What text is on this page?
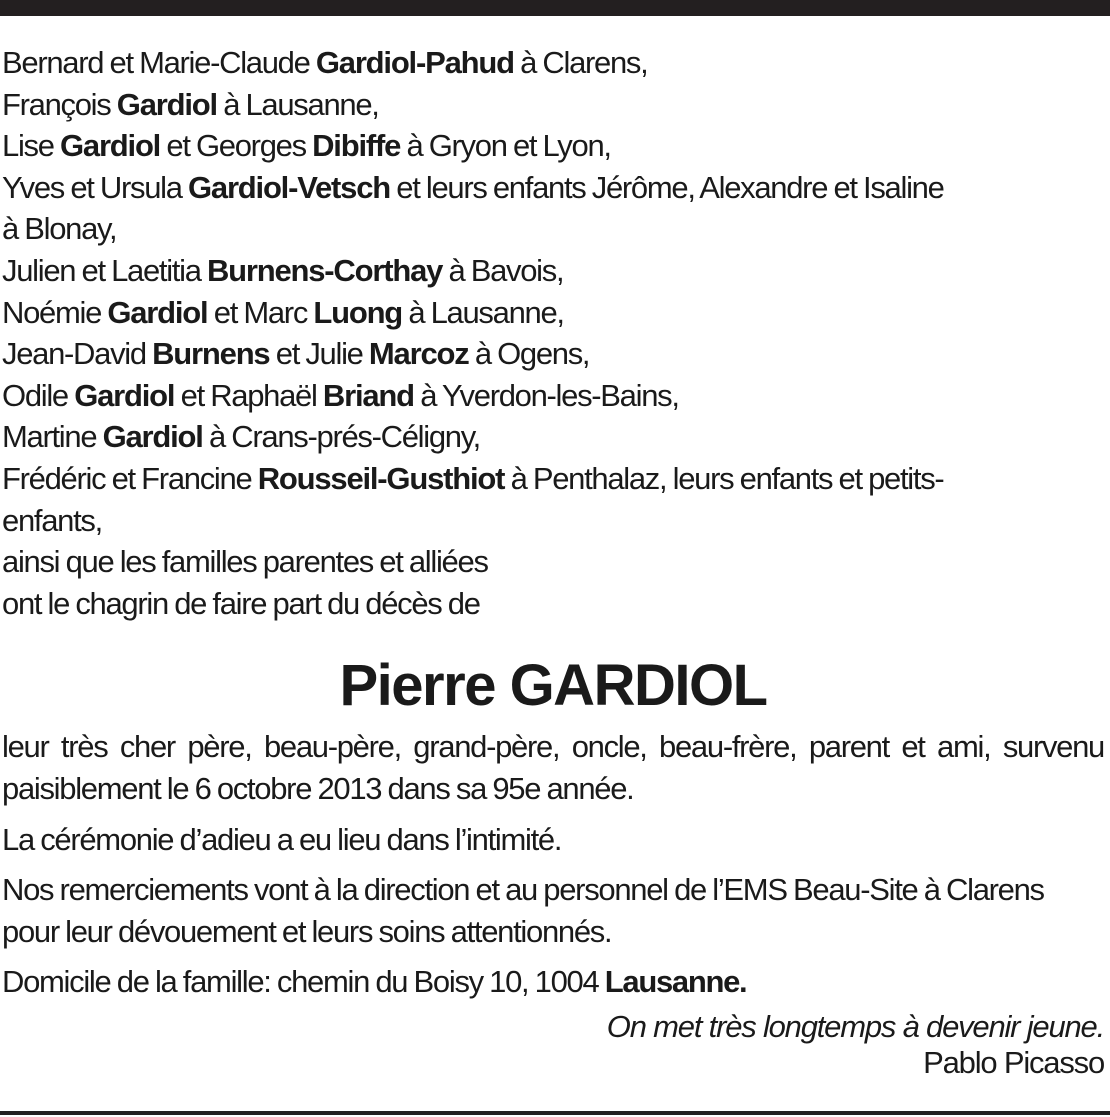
Bernard et Marie-Claude Gardiol-Pahud à Clarens,
François Gardiol à Lausanne,
Lise Gardiol et Georges Dibiffe à Gryon et Lyon,
Yves et Ursula Gardiol-Vetsch et leurs enfants Jérôme, Alexandre et Isaline
à Blonay,
Julien et Laetitia Burnens-Corthay à Bavois,
Noémie Gardiol et Marc Luong à Lausanne,
Jean-David Burnens et Julie Marcoz à Ogens,
Odile Gardiol et Raphaël Briand à Yverdon-les-Bains,
Martine Gardiol à Crans-prés-Céligny,
Frédéric et Francine Rousseil-Gusthiot à Penthalaz, leurs enfants et petits-
enfants,
ainsi que les familles parentes et alliées
ont le chagrin de faire part du décès de
Pierre GARDIOL

leur très cher père, beau-père, grand-père, oncle, beau-frère, parent et ami, survenu paisiblement le 6 octobre 2013 dans sa 95e année.

La cérémonie d’adieu a eu lieu dans l’intimité.

Nos remerciements vont à la direction et au personnel de l’EMS Beau-Site à Clarens pour leur dévouement et leurs soins attentionnés.

Domicile de la famille: chemin du Boisy 10, 1004 Lausanne.

On met très longtemps à devenir jeune.
Pablo Picasso
